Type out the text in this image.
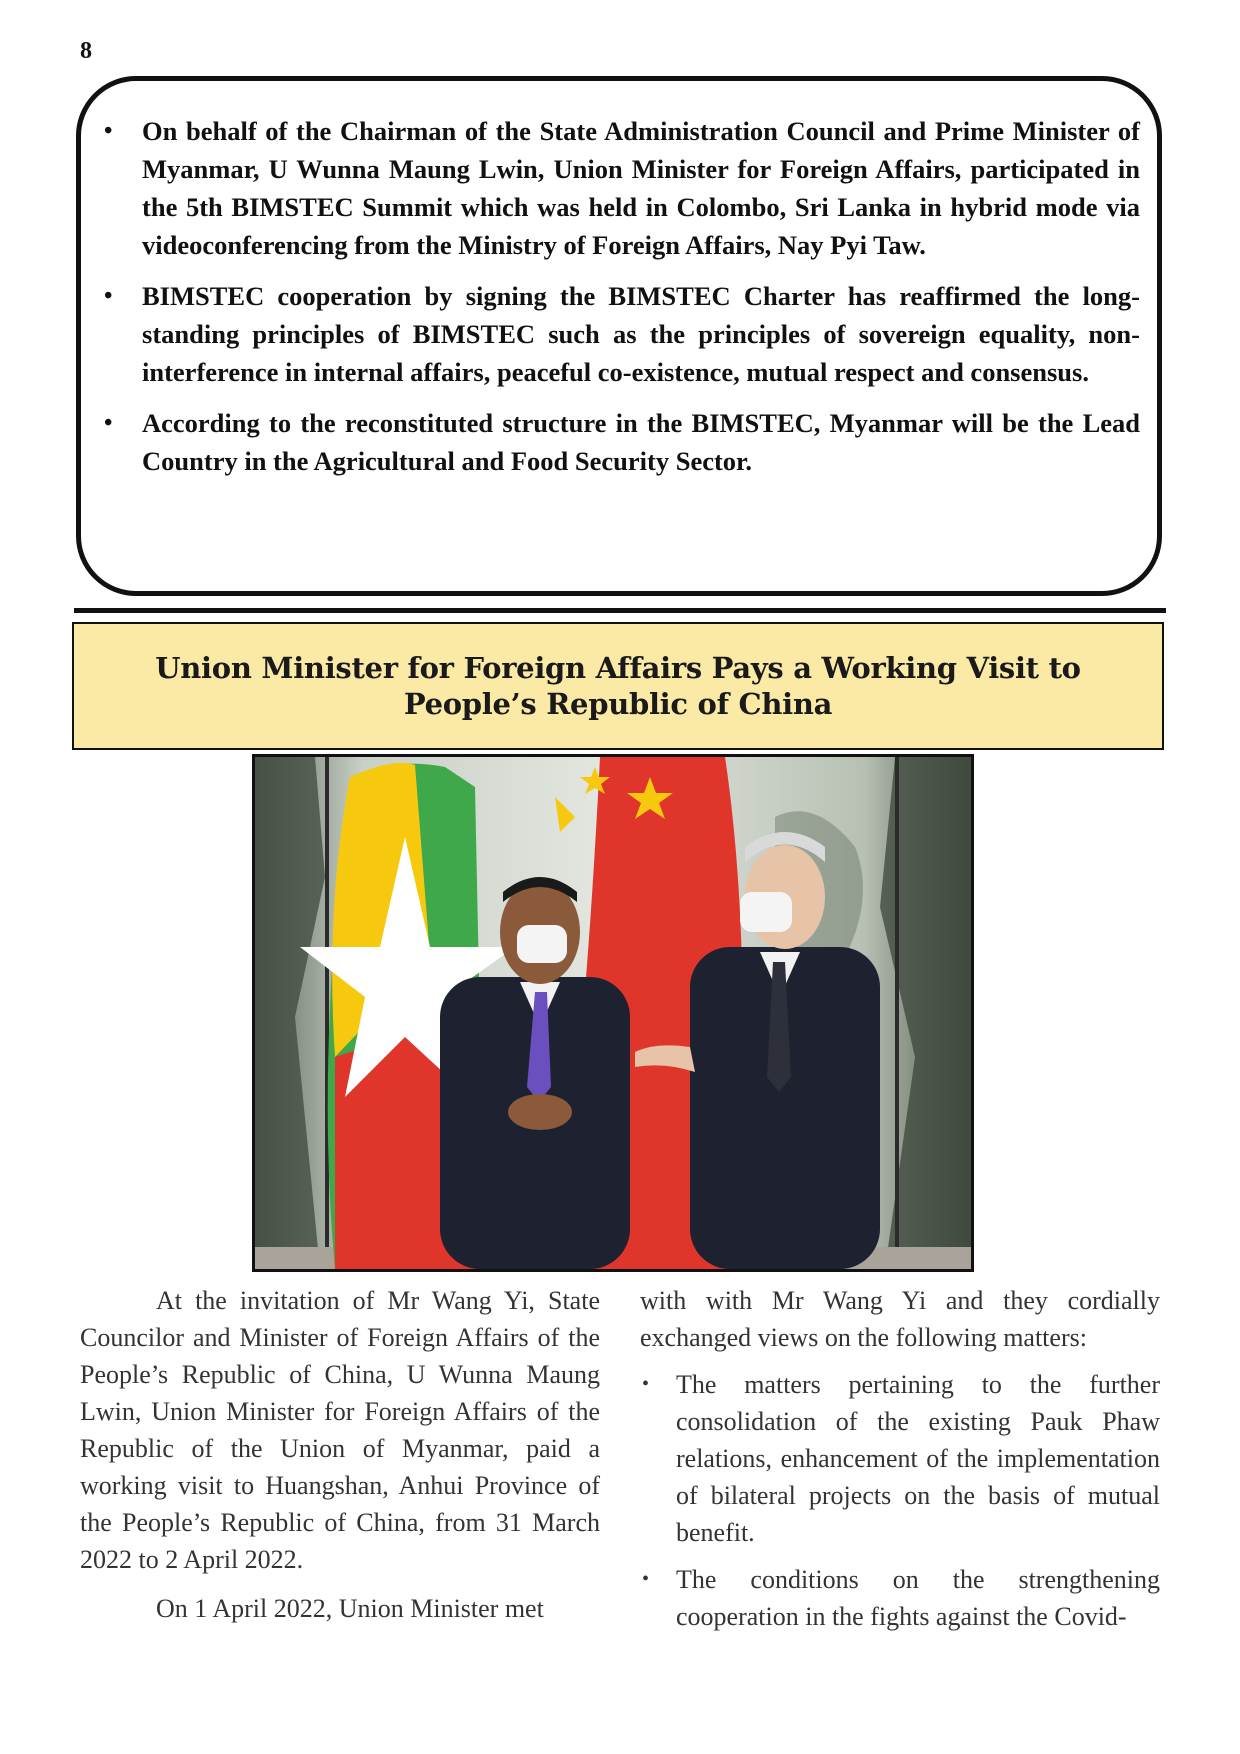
8
• On behalf of the Chairman of the State Administration Council and Prime Minister of Myanmar, U Wunna Maung Lwin, Union Minister for Foreign Affairs, participated in the 5th BIMSTEC Summit which was held in Colombo, Sri Lanka in hybrid mode via videoconferencing from the Ministry of Foreign Affairs, Nay Pyi Taw.
• BIMSTEC cooperation by signing the BIMSTEC Charter has reaffirmed the long-standing principles of BIMSTEC such as the principles of sovereign equality, non-interference in internal affairs, peaceful co-existence, mutual respect and consensus.
• According to the reconstituted structure in the BIMSTEC, Myanmar will be the Lead Country in the Agricultural and Food Security Sector.
Union Minister for Foreign Affairs Pays a Working Visit to People’s Republic of China

At the invitation of Mr Wang Yi, State Councilor and Minister of Foreign Affairs of the People’s Republic of China, U Wunna Maung Lwin, Union Minister for Foreign Affairs of the Republic of the Union of Myanmar, paid a working visit to Huangshan, Anhui Province of the People’s Republic of China, from 31 March 2022 to 2 April 2022.

On 1 April 2022, Union Minister met

with with Mr Wang Yi and they cordially exchanged views on the following matters:

• The matters pertaining to the further consolidation of the existing Pauk Phaw relations, enhancement of the implementation of bilateral projects on the basis of mutual benefit.
• The conditions on the strengthening cooperation in the fights against the Covid-
